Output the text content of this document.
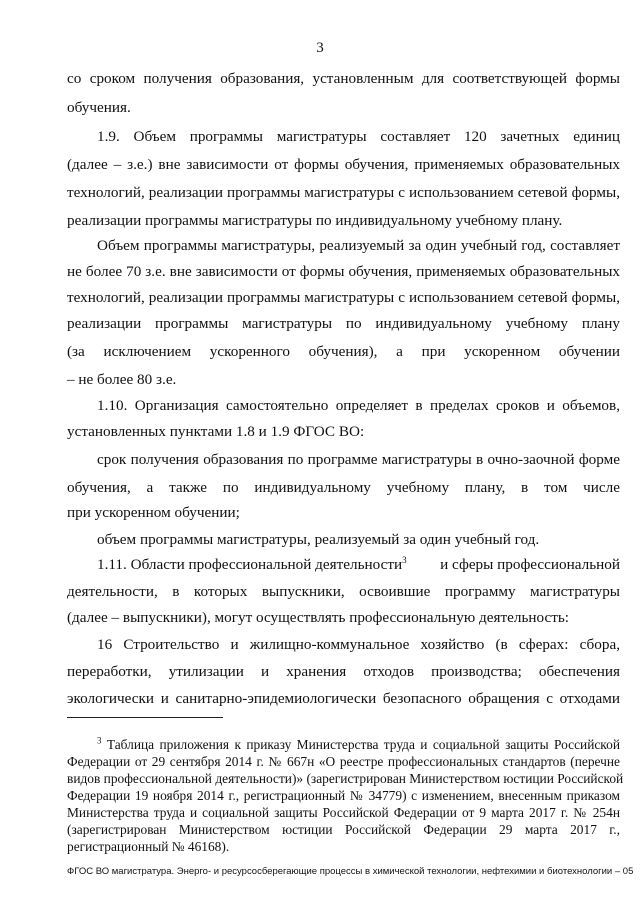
3
со сроком получения образования, установленным для соответствующей формы
обучения.
1.9. Объем программы магистратуры составляет 120 зачетных единиц
(далее – з.е.) вне зависимости от формы обучения, применяемых образовательных
технологий, реализации программы магистратуры с использованием сетевой формы,
реализации программы магистратуры по индивидуальному учебному плану.
Объем программы магистратуры, реализуемый за один учебный год, составляет
не более 70 з.е. вне зависимости от формы обучения, применяемых образовательных
технологий, реализации программы магистратуры с использованием сетевой формы,
реализации программы магистратуры по индивидуальному учебному плану
(за исключением ускоренного обучения), а при ускоренном обучении
– не более 80 з.е.
1.10. Организация самостоятельно определяет в пределах сроков и объемов,
установленных пунктами 1.8 и 1.9 ФГОС ВО:
срок получения образования по программе магистратуры в очно-заочной форме
обучения, а также по индивидуальному учебному плану, в том числе
при ускоренном обучении;
объем программы магистратуры, реализуемый за один учебный год.
1.11. Области профессиональной деятельности$^3$ и сферы профессиональной
деятельности, в которых выпускники, освоившие программу магистратуры
(далее – выпускники), могут осуществлять профессиональную деятельность:
16 Строительство и жилищно-коммунальное хозяйство (в сферах: сбора,
переработки, утилизации и хранения отходов производства; обеспечения
экологически и санитарно-эпидемиологически безопасного обращения с отходами
$^3$ Таблица приложения к приказу Министерства труда и социальной защиты Российской
Федерации от 29 сентября 2014 г. № 667н «О реестре профессиональных стандартов (перечне
видов профессиональной деятельности)» (зарегистрирован Министерством юстиции Российской
Федерации 19 ноября 2014 г., регистрационный № 34779) с изменением, внесенным приказом
Министерства труда и социальной защиты Российской Федерации от 9 марта 2017 г. № 254н
(зарегистрирован Министерством юстиции Российской Федерации 29 марта 2017 г.,
регистрационный № 46168).
ФГОС ВО магистратура. Энерго- и ресурсосберегающие процессы в химической технологии, нефтехимии и биотехнологии – 05
